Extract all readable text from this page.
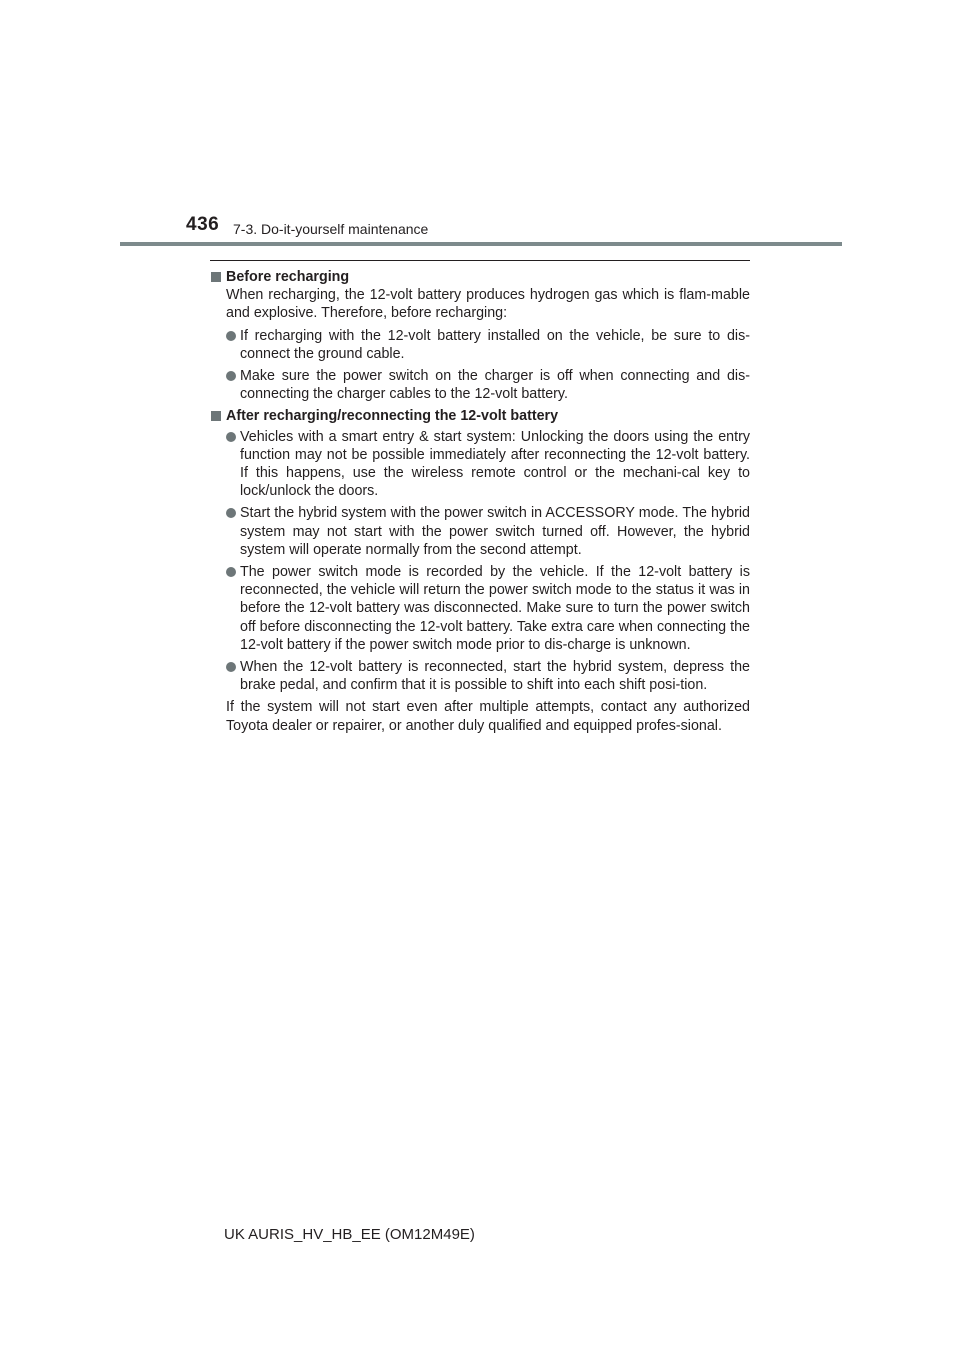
436 7-3. Do-it-yourself maintenance

Before recharging

When recharging, the 12-volt battery produces hydrogen gas which is flam-mable and explosive. Therefore, before recharging:

If recharging with the 12-volt battery installed on the vehicle, be sure to dis-connect the ground cable.
Make sure the power switch on the charger is off when connecting and dis-connecting the charger cables to the 12-volt battery.

After recharging/reconnecting the 12-volt battery

Vehicles with a smart entry & start system: Unlocking the doors using the entry function may not be possible immediately after reconnecting the 12-volt battery. If this happens, use the wireless remote control or the mechani-cal key to lock/unlock the doors.
Start the hybrid system with the power switch in ACCESSORY mode. The hybrid system may not start with the power switch turned off. However, the hybrid system will operate normally from the second attempt.
The power switch mode is recorded by the vehicle. If the 12-volt battery is reconnected, the vehicle will return the power switch mode to the status it was in before the 12-volt battery was disconnected. Make sure to turn the power switch off before disconnecting the 12-volt battery. Take extra care when connecting the 12-volt battery if the power switch mode prior to dis-charge is unknown.
When the 12-volt battery is reconnected, start the hybrid system, depress the brake pedal, and confirm that it is possible to shift into each shift posi-tion.

If the system will not start even after multiple attempts, contact any authorized Toyota dealer or repairer, or another duly qualified and equipped profes-sional.

UK AURIS_HV_HB_EE (OM12M49E)
